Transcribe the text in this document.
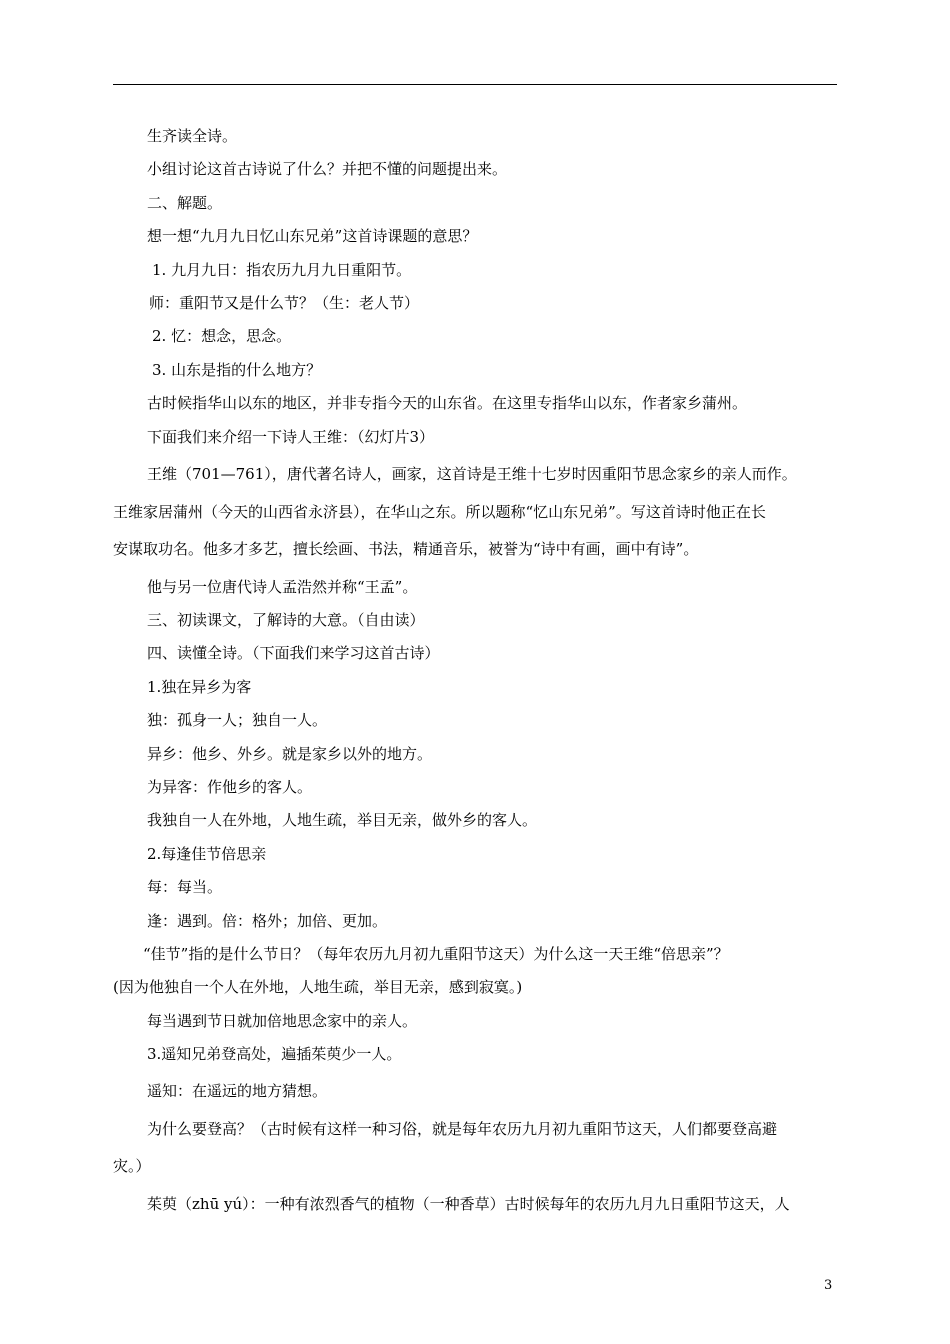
生齐读全诗。
小组讨论这首古诗说了什么？并把不懂的问题提出来。
二、解题。
想一想“九月九日忆山东兄弟”这首诗课题的意思？
1. 九月九日：指农历九月九日重阳节。
师：重阳节又是什么节？（生：老人节）
2. 忆：想念，思念。
3. 山东是指的什么地方？
古时候指华山以东的地区，并非专指今天的山东省。在这里专指华山以东，作者家乡蒲州。
下面我们来介绍一下诗人王维：（幻灯片3）
王维（701—761），唐代著名诗人，画家，这首诗是王维十七岁时因重阳节思念家乡的亲人而作。
王维家居蒲州（今天的山西省永济县），在华山之东。所以题称“忆山东兄弟”。写这首诗时他正在长
安谋取功名。他多才多艺，擅长绘画、书法，精通音乐，被誉为“诗中有画，画中有诗”。
他与另一位唐代诗人孟浩然并称“王孟”。
三、初读课文，了解诗的大意。（自由读）
四、读懂全诗。（下面我们来学习这首古诗）
1.独在异乡为客
独：孤身一人；独自一人。
异乡：他乡、外乡。就是家乡以外的地方。
为异客：作他乡的客人。
我独自一人在外地，人地生疏，举目无亲，做外乡的客人。
2.每逢佳节倍思亲
每：每当。
逢：遇到。倍：格外；加倍、更加。
“佳节”指的是什么节日？（每年农历九月初九重阳节这天）为什么这一天王维“倍思亲”？
(因为他独自一个人在外地，人地生疏，举目无亲，感到寂寞。)
每当遇到节日就加倍地思念家中的亲人。
3.遥知兄弟登高处，遍插茱萸少一人。
遥知：在遥远的地方猜想。
为什么要登高？（古时候有这样一种习俗，就是每年农历九月初九重阳节这天，人们都要登高避
灾。）
茱萸（zhū yú）：一种有浓烈香气的植物（一种香草）古时候每年的农历九月九日重阳节这天，人
3
